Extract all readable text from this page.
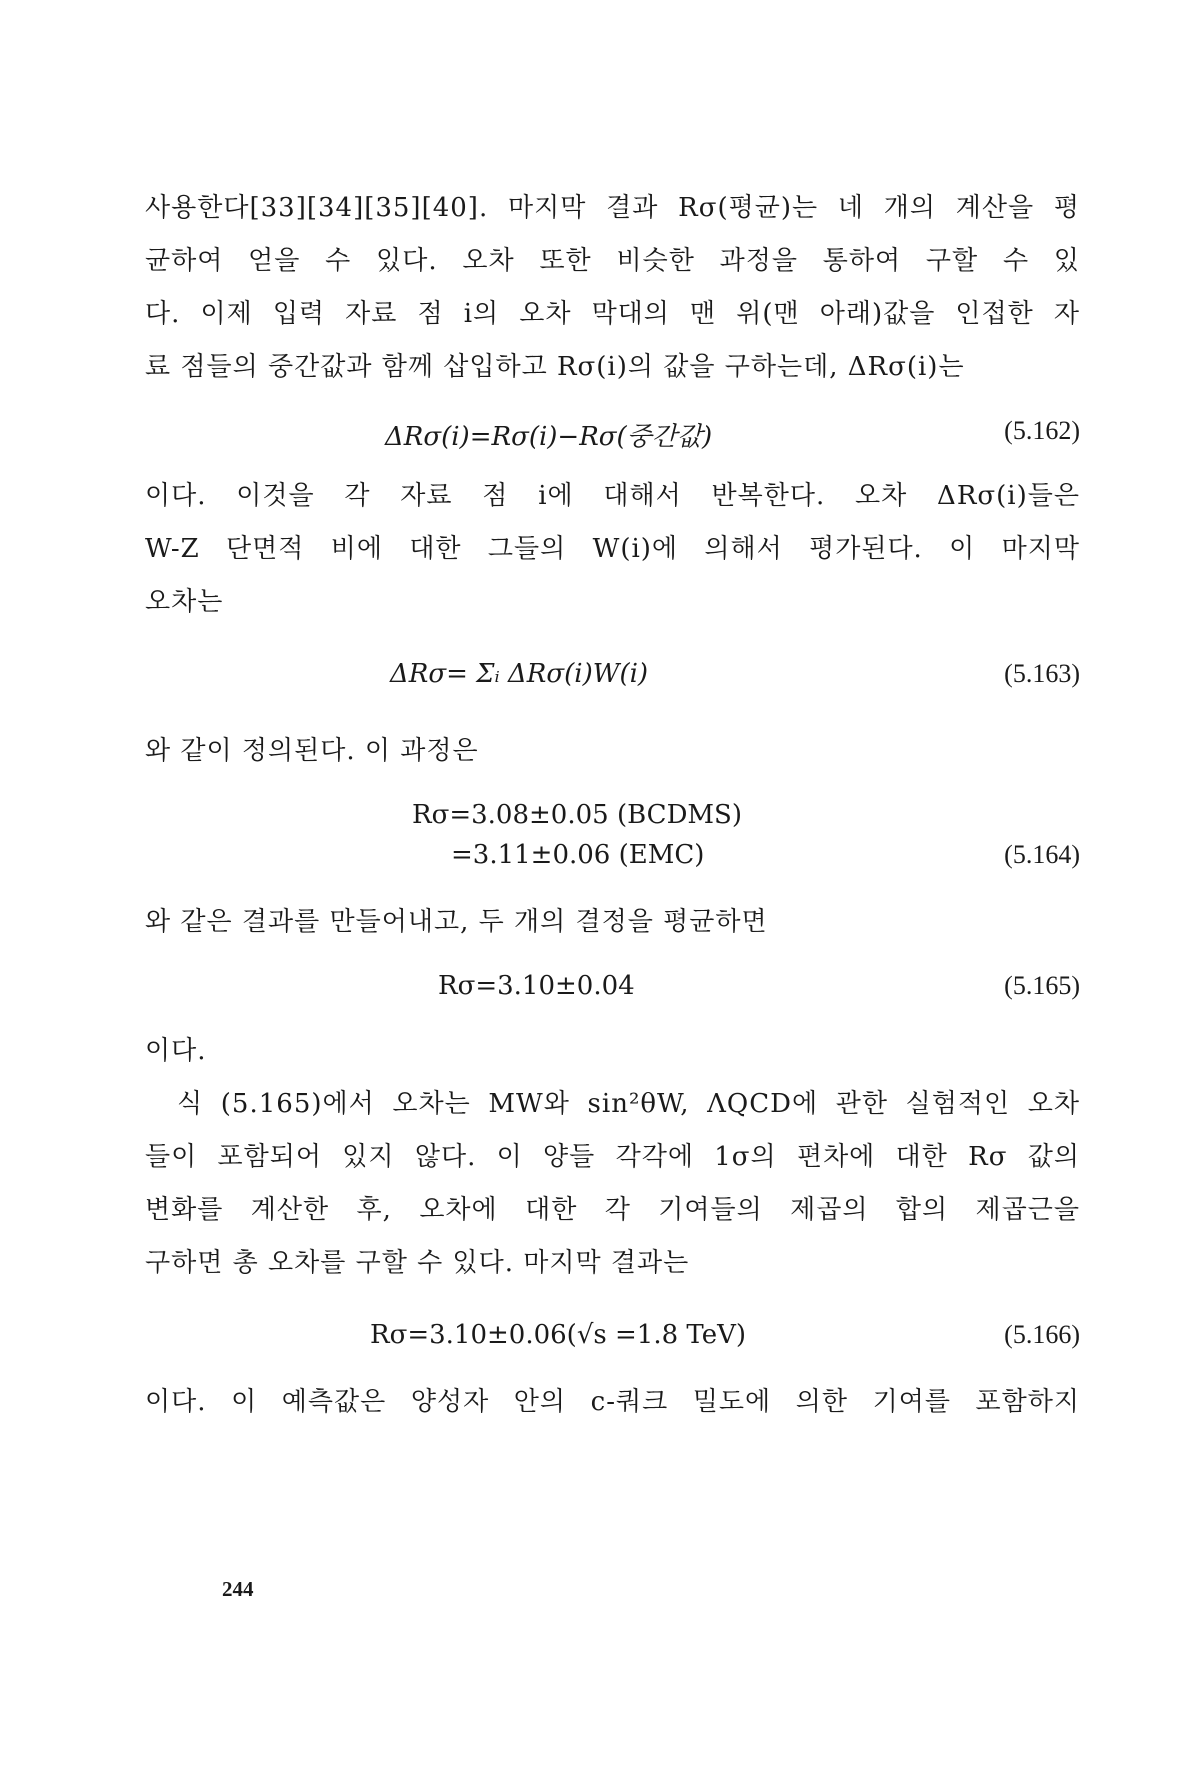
사용한다[33][34][35][40]. 마지막 결과 Rσ(평균)는 네 개의 계산을 평
균하여 얻을 수 있다. 오차 또한 비슷한 과정을 통하여 구할 수 있
다. 이제 입력 자료 점 i의 오차 막대의 맨 위(맨 아래)값을 인접한 자
료 점들의 중간값과 함께 삽입하고 Rσ(i)의 값을 구하는데, ΔRσ(i)는

ΔRσ(i)=Rσ(i)−Rσ(중간값)	(5.162)

이다. 이것을 각 자료 점 i에 대해서 반복한다. 오차 ΔRσ(i)들은
W-Z 단면적 비에 대한 그들의 W(i)에 의해서 평가된다. 이 마지막
오차는

ΔRσ= Σᵢ ΔRσ(i)W(i)	(5.163)

와 같이 정의된다. 이 과정은

Rσ=3.08±0.05 (BCDMS)
=3.11±0.06 (EMC)	(5.164)

와 같은 결과를 만들어내고, 두 개의 결정을 평균하면

Rσ=3.10±0.04	(5.165)

이다.

식 (5.165)에서 오차는 MW와 sin²θW, ΛQCD에 관한 실험적인 오차
들이 포함되어 있지 않다. 이 양들 각각에 1σ의 편차에 대한 Rσ 값의
변화를 계산한 후, 오차에 대한 각 기여들의 제곱의 합의 제곱근을
구하면 총 오차를 구할 수 있다. 마지막 결과는

Rσ=3.10±0.06(√s =1.8 TeV)	(5.166)

이다. 이 예측값은 양성자 안의 c-쿼크 밀도에 의한 기여를 포함하지

244
